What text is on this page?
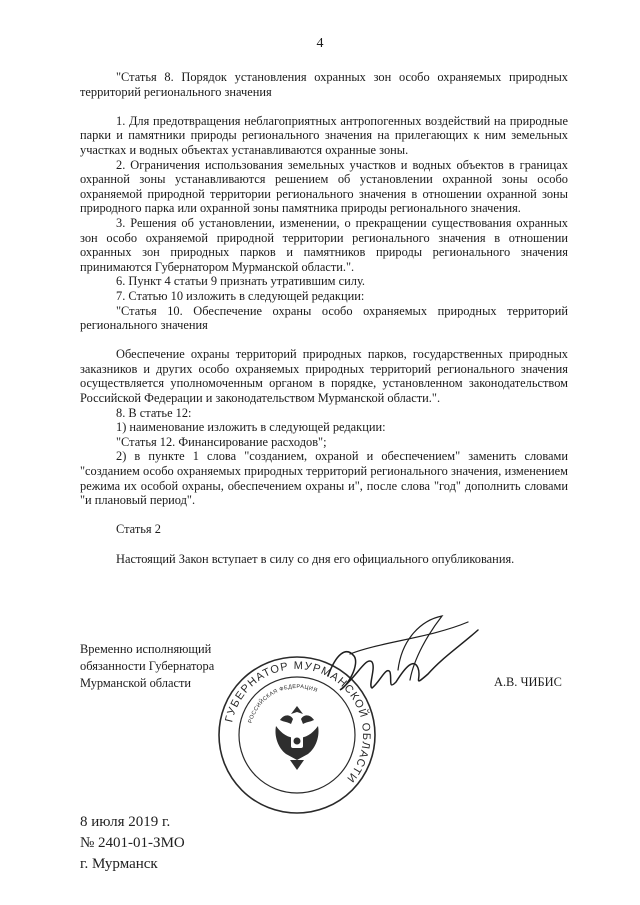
4

"Статья 8. Порядок установления охранных зон особо охраняемых природных территорий регионального значения

1. Для предотвращения неблагоприятных антропогенных воздействий на природные парки и памятники природы регионального значения на прилегающих к ним земельных участках и водных объектах устанавливаются охранные зоны.

2. Ограничения использования земельных участков и водных объектов в границах охранной зоны устанавливаются решением об установлении охранной зоны особо охраняемой природной территории регионального значения в отношении охранной зоны природного парка или охранной зоны памятника природы регионального значения.

3. Решения об установлении, изменении, о прекращении существования охранных зон особо охраняемой природной территории регионального значения в отношении охранных зон природных парков и памятников природы регионального значения принимаются Губернатором Мурманской области.".

6. Пункт 4 статьи 9 признать утратившим силу.

7. Статью 10 изложить в следующей редакции:

"Статья 10. Обеспечение охраны особо охраняемых природных территорий регионального значения

Обеспечение охраны территорий природных парков, государственных природных заказников и других особо охраняемых природных территорий регионального значения осуществляется уполномоченным органом в порядке, установленном законодательством Российской Федерации и законодательством Мурманской области.".

8. В статье 12:

1) наименование изложить в следующей редакции:

"Статья 12. Финансирование расходов";

2) в пункте 1 слова "созданием, охраной и обеспечением" заменить словами "созданием особо охраняемых природных территорий регионального значения, изменением режима их особой охраны, обеспечением охраны и", после слова "год" дополнить словами "и плановый период".

Статья 2

Настоящий Закон вступает в силу со дня его официального опубликования.

Временно исполняющий
обязанности Губернатора
Мурманской области	А.В. ЧИБИС
ГУБЕРНАТОР МУРМАНСКОЙ ОБЛАСТИ
РОССИЙСКАЯ ФЕДЕРАЦИЯ
8 июля 2019 г.
№ 2401-01-ЗМО
г. Мурманск
